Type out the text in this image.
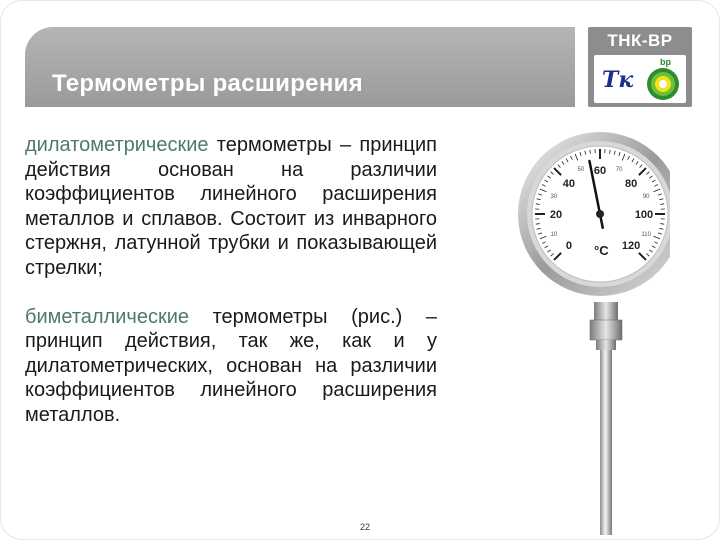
Термометры расширения
ТНК-ВР
Тк
bp

дилатометрические термометры – принцип действия основан на различии коэффициентов линейного расширения металлов и сплавов. Состоит из инварного стержня, латунной трубки и показывающей стрелки;

биметаллические термометры (рис.) – принцип действия, так же, как и у дилатометрических, основан на различии коэффициентов линейного расширения металлов.

0
20
40
60
80
100
120
10
30
50	70
90
110
°C
22
